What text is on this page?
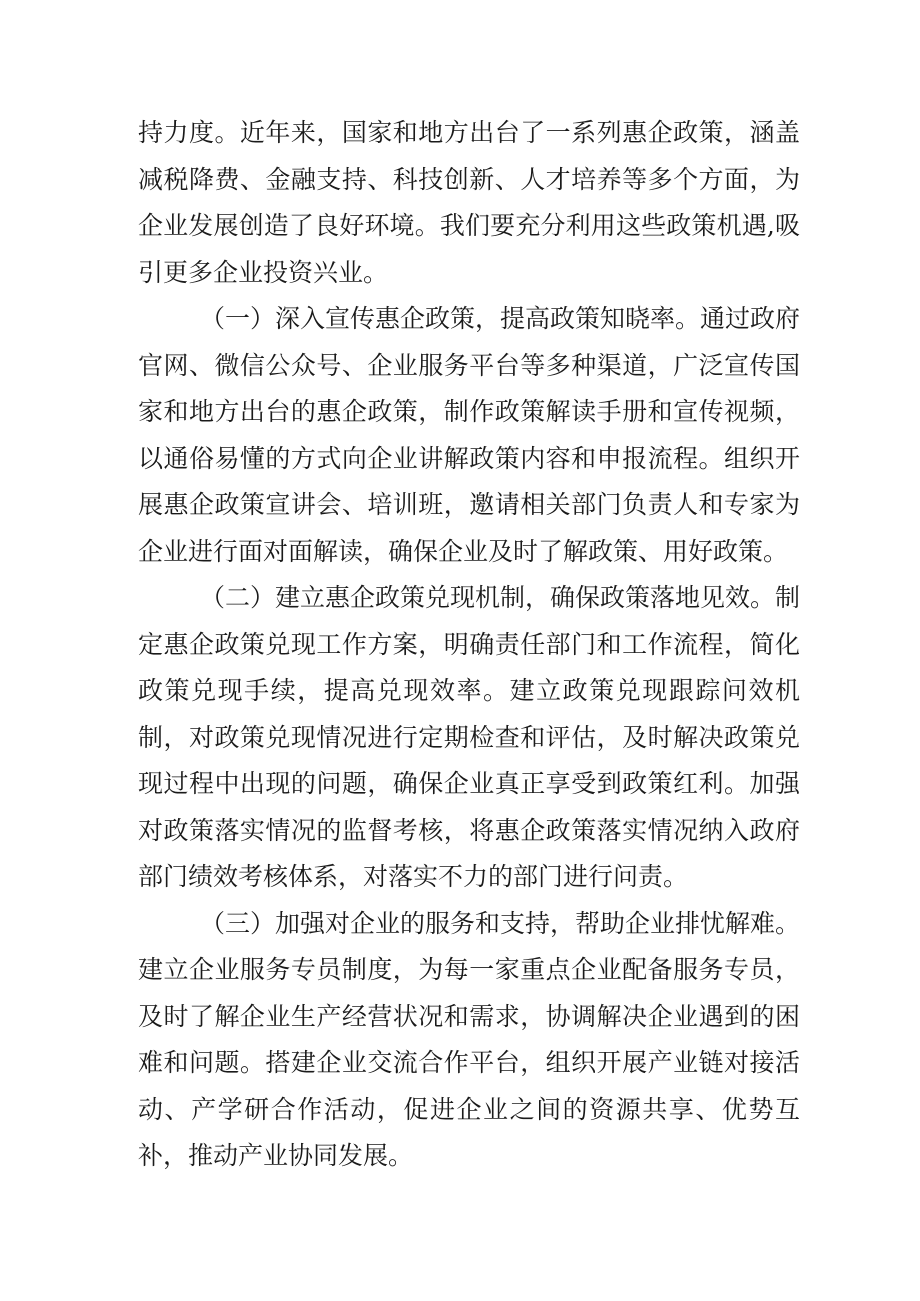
持力度。近年来，国家和地方出台了一系列惠企政策，涵盖减税降费、金融支持、科技创新、人才培养等多个方面，为企业发展创造了良好环境。我们要充分利用这些政策机遇,吸引更多企业投资兴业。

（一）深入宣传惠企政策，提高政策知晓率。通过政府官网、微信公众号、企业服务平台等多种渠道，广泛宣传国家和地方出台的惠企政策，制作政策解读手册和宣传视频，以通俗易懂的方式向企业讲解政策内容和申报流程。组织开展惠企政策宣讲会、培训班，邀请相关部门负责人和专家为企业进行面对面解读，确保企业及时了解政策、用好政策。

（二）建立惠企政策兑现机制，确保政策落地见效。制定惠企政策兑现工作方案，明确责任部门和工作流程，简化政策兑现手续，提高兑现效率。建立政策兑现跟踪问效机制，对政策兑现情况进行定期检查和评估，及时解决政策兑现过程中出现的问题，确保企业真正享受到政策红利。加强对政策落实情况的监督考核，将惠企政策落实情况纳入政府部门绩效考核体系，对落实不力的部门进行问责。

（三）加强对企业的服务和支持，帮助企业排忧解难。建立企业服务专员制度，为每一家重点企业配备服务专员，及时了解企业生产经营状况和需求，协调解决企业遇到的困难和问题。搭建企业交流合作平台，组织开展产业链对接活动、产学研合作活动，促进企业之间的资源共享、优势互补，推动产业协同发展。
